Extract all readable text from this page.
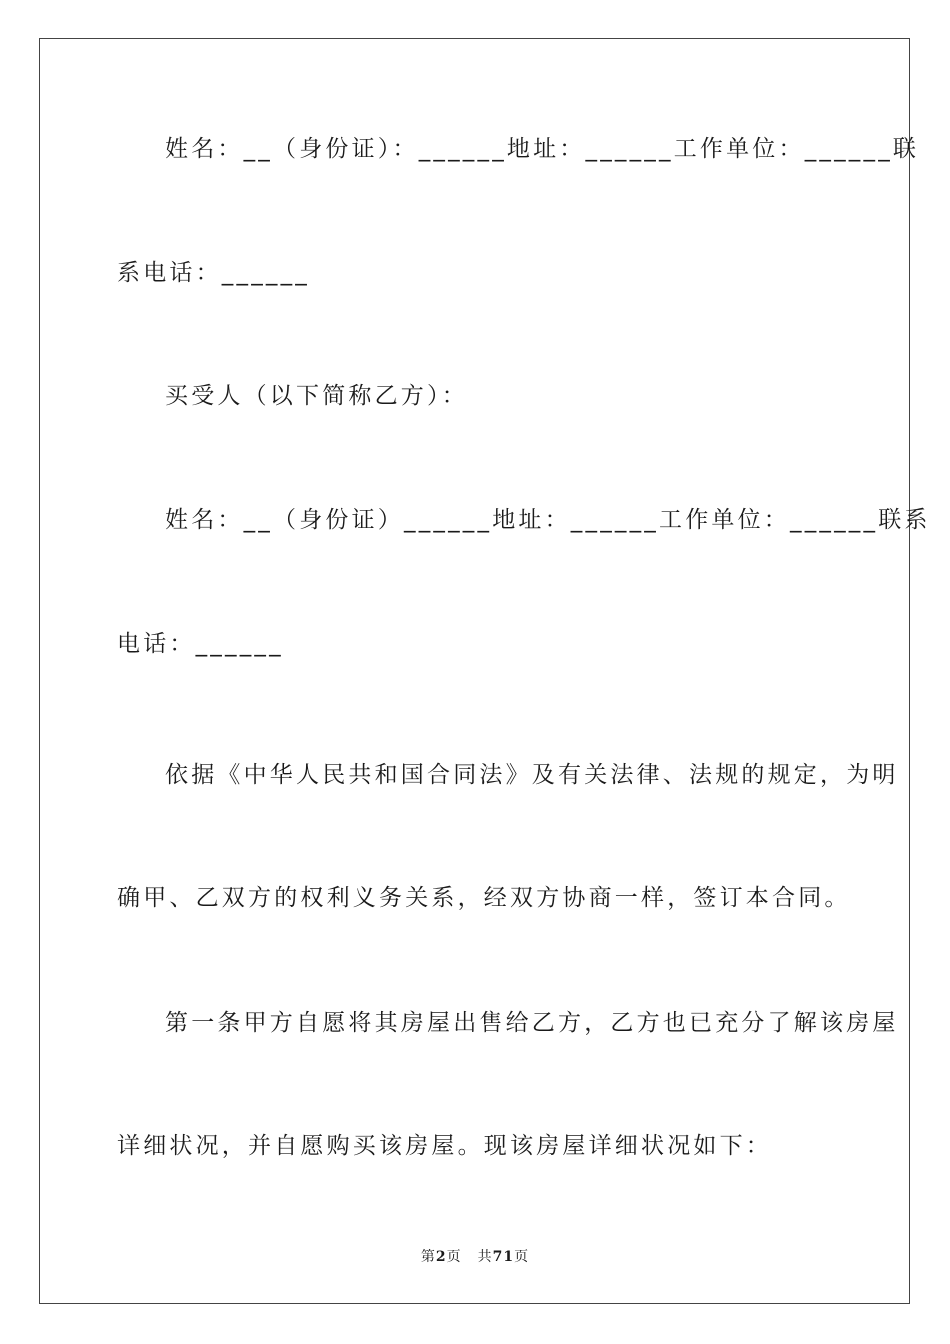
姓名：__（身份证）：______地址：______工作单位：______联
系电话：______
买受人（以下简称乙方）：
姓名：__（身份证）______地址：______工作单位：______联系
电话：______
依据《中华人民共和国合同法》及有关法律、法规的规定，为明
确甲、乙双方的权利义务关系，经双方协商一样，签订本合同。
第一条甲方自愿将其房屋出售给乙方，乙方也已充分了解该房屋
详细状况，并自愿购买该房屋。现该房屋详细状况如下：
第2页 共71页
